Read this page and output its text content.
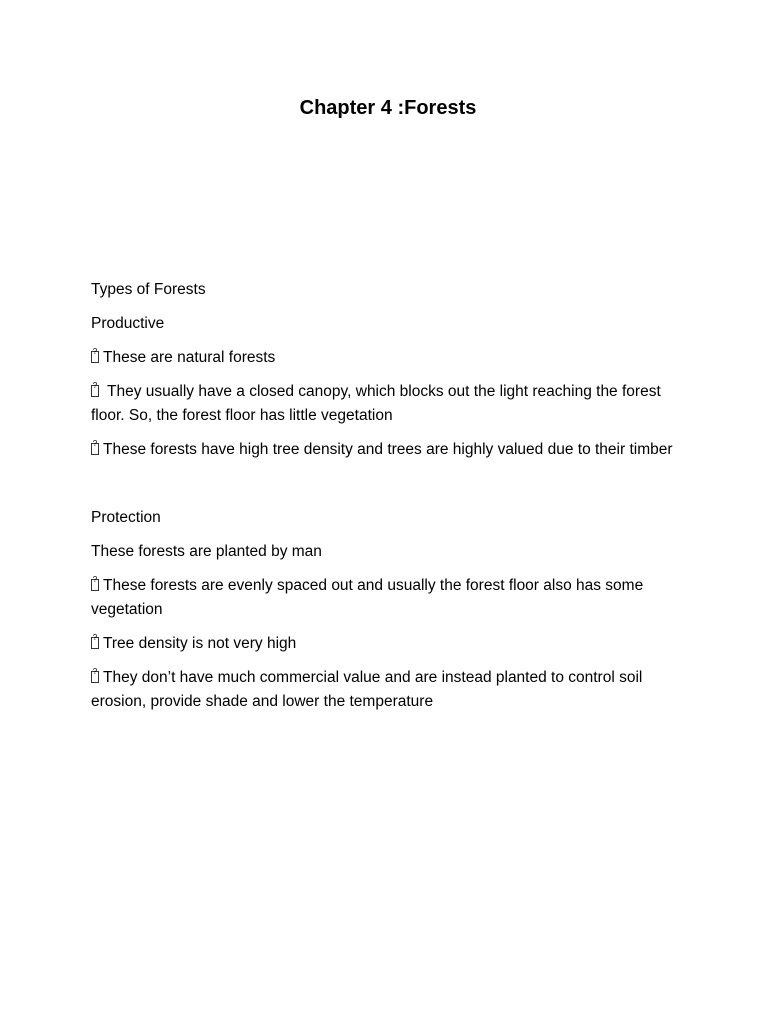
Chapter 4 :Forests

Types of Forests

Productive

?These are natural forests

? They usually have a closed canopy, which blocks out the light reaching the forest floor. So, the forest floor has little vegetation

?These forests have high tree density and trees are highly valued due to their timber

Protection

These forests are planted by man

?These forests are evenly spaced out and usually the forest floor also has some vegetation

?Tree density is not very high

?They don’t have much commercial value and are instead planted to control soil erosion, provide shade and lower the temperature
